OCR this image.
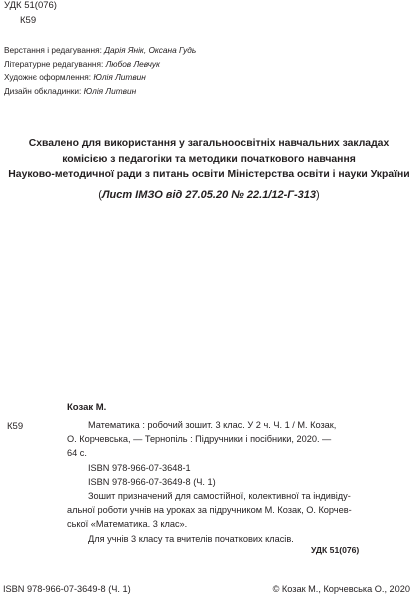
УДК 51(076)
К59
Верстання і редагування: Дарія Янік, Оксана Гудь
Літературне редагування: Любов Левчук
Художнє оформлення: Юлія Литвин
Дизайн обкладинки: Юлія Литвин
Схвалено для використання у загальноосвітніх навчальних закладах
комісією з педагогіки та методики початкового навчання
Науково-методичної ради з питань освіти Міністерства освіти і науки України
(Лист ІМЗО від 27.05.20 № 22.1/12-Г-313)
Козак М.
К59	Математика : робочий зошит. 3 клас. У 2 ч. Ч. 1 / М. Козак,
О. Корчевська, — Тернопіль : Підручники і посібники, 2020. —
64 с.
ISBN 978-966-07-3648-1
ISBN 978-966-07-3649-8 (Ч. 1)
Зошит призначений для самостійної, колективної та індивіду-
альної роботи учнів на уроках за підручником М. Козак, О. Корчев-
ської «Математика. 3 клас».
Для учнів 3 класу та вчителів початкових класів.
УДК 51(076)
ISBN 978-966-07-3649-8 (Ч. 1)	© Козак М., Корчевська О., 2020
